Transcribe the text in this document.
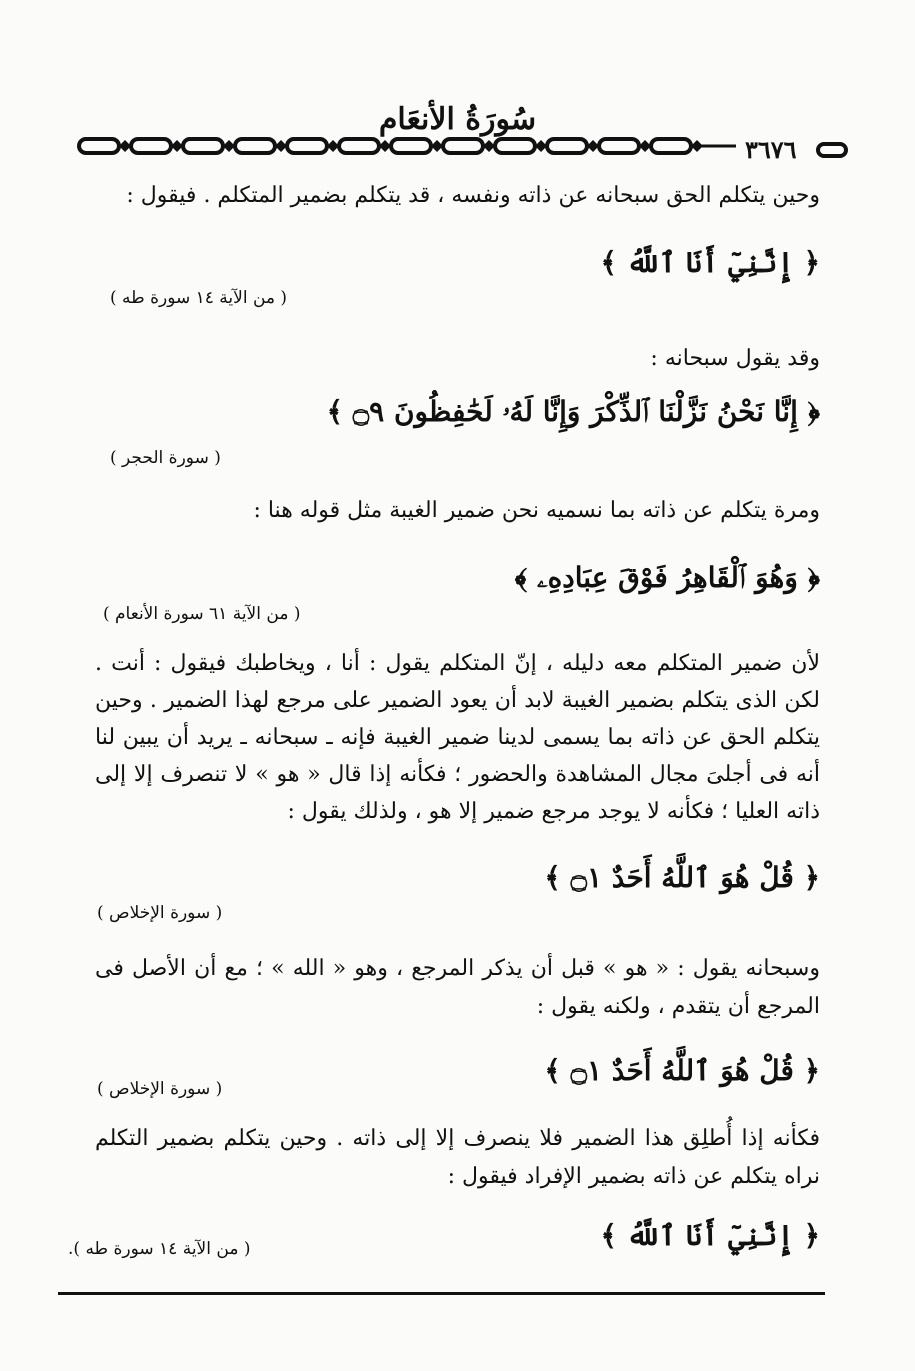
سُورَةُ الأنعَام
٣٦٧٦
وحين يتكلم الحق سبحانه عن ذاته ونفسه ، قد يتكلم بضمير المتكلم . فيقول :
﴿ إِنَّنِيٓ أَنَا ٱللَّهُ ﴾
( من الآية ١٤ سورة طه )
وقد يقول سبحانه :
﴿ إِنَّا نَحْنُ نَزَّلْنَا ٱلذِّكْرَ وَإِنَّا لَهُۥ لَحَٰفِظُونَ ۝٩ ﴾
( سورة الحجر )
ومرة يتكلم عن ذاته بما نسميه نحن ضمير الغيبة مثل قوله هنا :
﴿ وَهُوَ ٱلْقَاهِرُ فَوْقَ عِبَادِهِۦ ﴾
( من الآية ٦١ سورة الأنعام )
لأن ضمير المتكلم معه دليله ، إنّ المتكلم يقول : أنا ، ويخاطبك فيقول : أنت . لكن الذى يتكلم بضمير الغيبة لابد أن يعود الضمير على مرجع لهذا الضمير . وحين يتكلم الحق عن ذاته بما يسمى لدينا ضمير الغيبة فإنه ـ سبحانه ـ يريد أن يبين لنا أنه فى أجلىَ مجال المشاهدة والحضور ؛ فكأنه إذا قال « هو » لا تنصرف إلا إلى ذاته العليا ؛ فكأنه لا يوجد مرجع ضمير إلا هو ، ولذلك يقول :
﴿ قُلْ هُوَ ٱللَّهُ أَحَدٌ ۝١ ﴾
( سورة الإخلاص )
وسبحانه يقول : « هو » قبل أن يذكر المرجع ، وهو « الله » ؛ مع أن الأصل فى المرجع أن يتقدم ، ولكنه يقول :
﴿ قُلْ هُوَ ٱللَّهُ أَحَدٌ ۝١ ﴾
( سورة الإخلاص )
فكأنه إذا أُطلِق هذا الضمير فلا ينصرف إلا إلى ذاته . وحين يتكلم بضمير التكلم نراه يتكلم عن ذاته بضمير الإفراد فيقول :
﴿ إِنَّنِيٓ أَنَا ٱللَّهُ ﴾
( من الآية ١٤ سورة طه ).
